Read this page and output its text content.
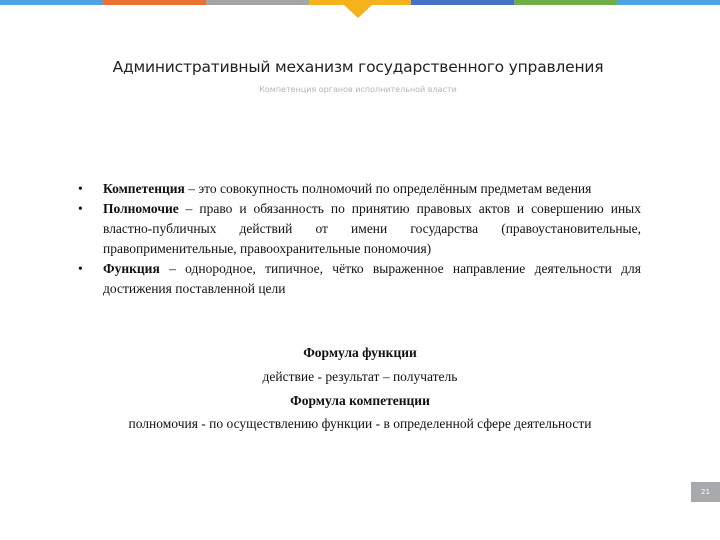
Административный механизм государственного управления
Компетенция органов исполнительной власти
• Компетенция – это совокупность полномочий по определённым предметам ведения
• Полномочие – право и обязанность по принятию правовых актов и совершению иных властно-публичных действий от имени государства (правоустановительные, правоприменительные, правоохранительные пономочия)
• Функция – однородное, типичное, чётко выраженное направление деятельности для достижения поставленной цели
Формула функции
действие - результат – получатель
Формула компетенции
полномочия - по осуществлению функции - в определенной сфере деятельности
21
